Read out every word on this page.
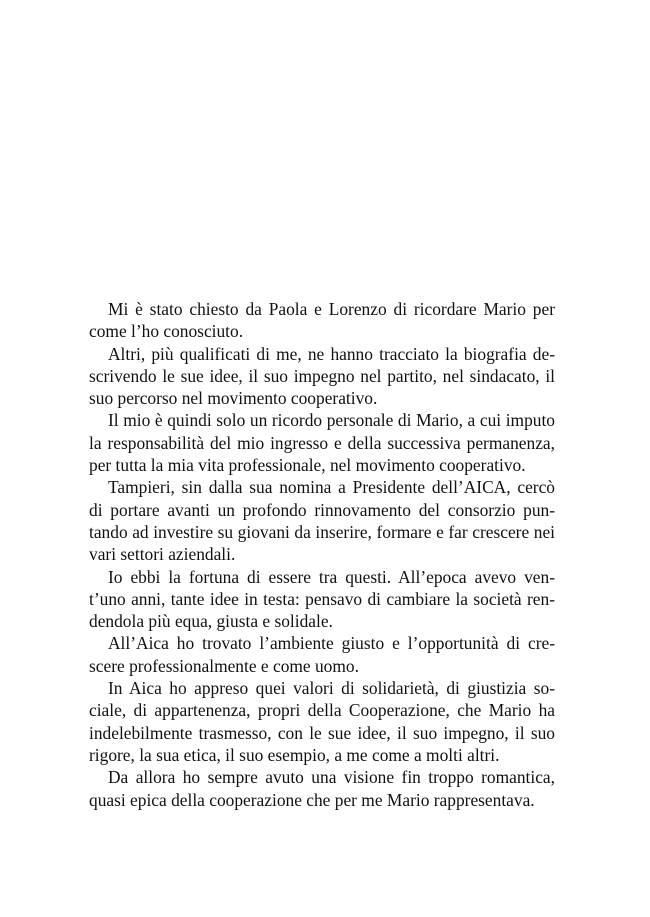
Mi è stato chiesto da Paola e Lorenzo di ricordare Mario per
come l’ho conosciuto.

Altri, più qualificati di me, ne hanno tracciato la biografia de-
scrivendo le sue idee, il suo impegno nel partito, nel sindacato, il
suo percorso nel movimento cooperativo.

Il mio è quindi solo un ricordo personale di Mario, a cui imputo
la responsabilità del mio ingresso e della successiva permanenza,
per tutta la mia vita professionale, nel movimento cooperativo.

Tampieri, sin dalla sua nomina a Presidente dell’AICA, cercò
di portare avanti un profondo rinnovamento del consorzio pun-
tando ad investire su giovani da inserire, formare e far crescere nei
vari settori aziendali.

Io ebbi la fortuna di essere tra questi. All’epoca avevo ven-
t’uno anni, tante idee in testa: pensavo di cambiare la società ren-
dendola più equa, giusta e solidale.

All’Aica ho trovato l’ambiente giusto e l’opportunità di cre-
scere professionalmente e come uomo.

In Aica ho appreso quei valori di solidarietà, di giustizia so-
ciale, di appartenenza, propri della Cooperazione, che Mario ha
indelebilmente trasmesso, con le sue idee, il suo impegno, il suo
rigore, la sua etica, il suo esempio, a me come a molti altri.

Da allora ho sempre avuto una visione fin troppo romantica,
quasi epica della cooperazione che per me Mario rappresentava.
